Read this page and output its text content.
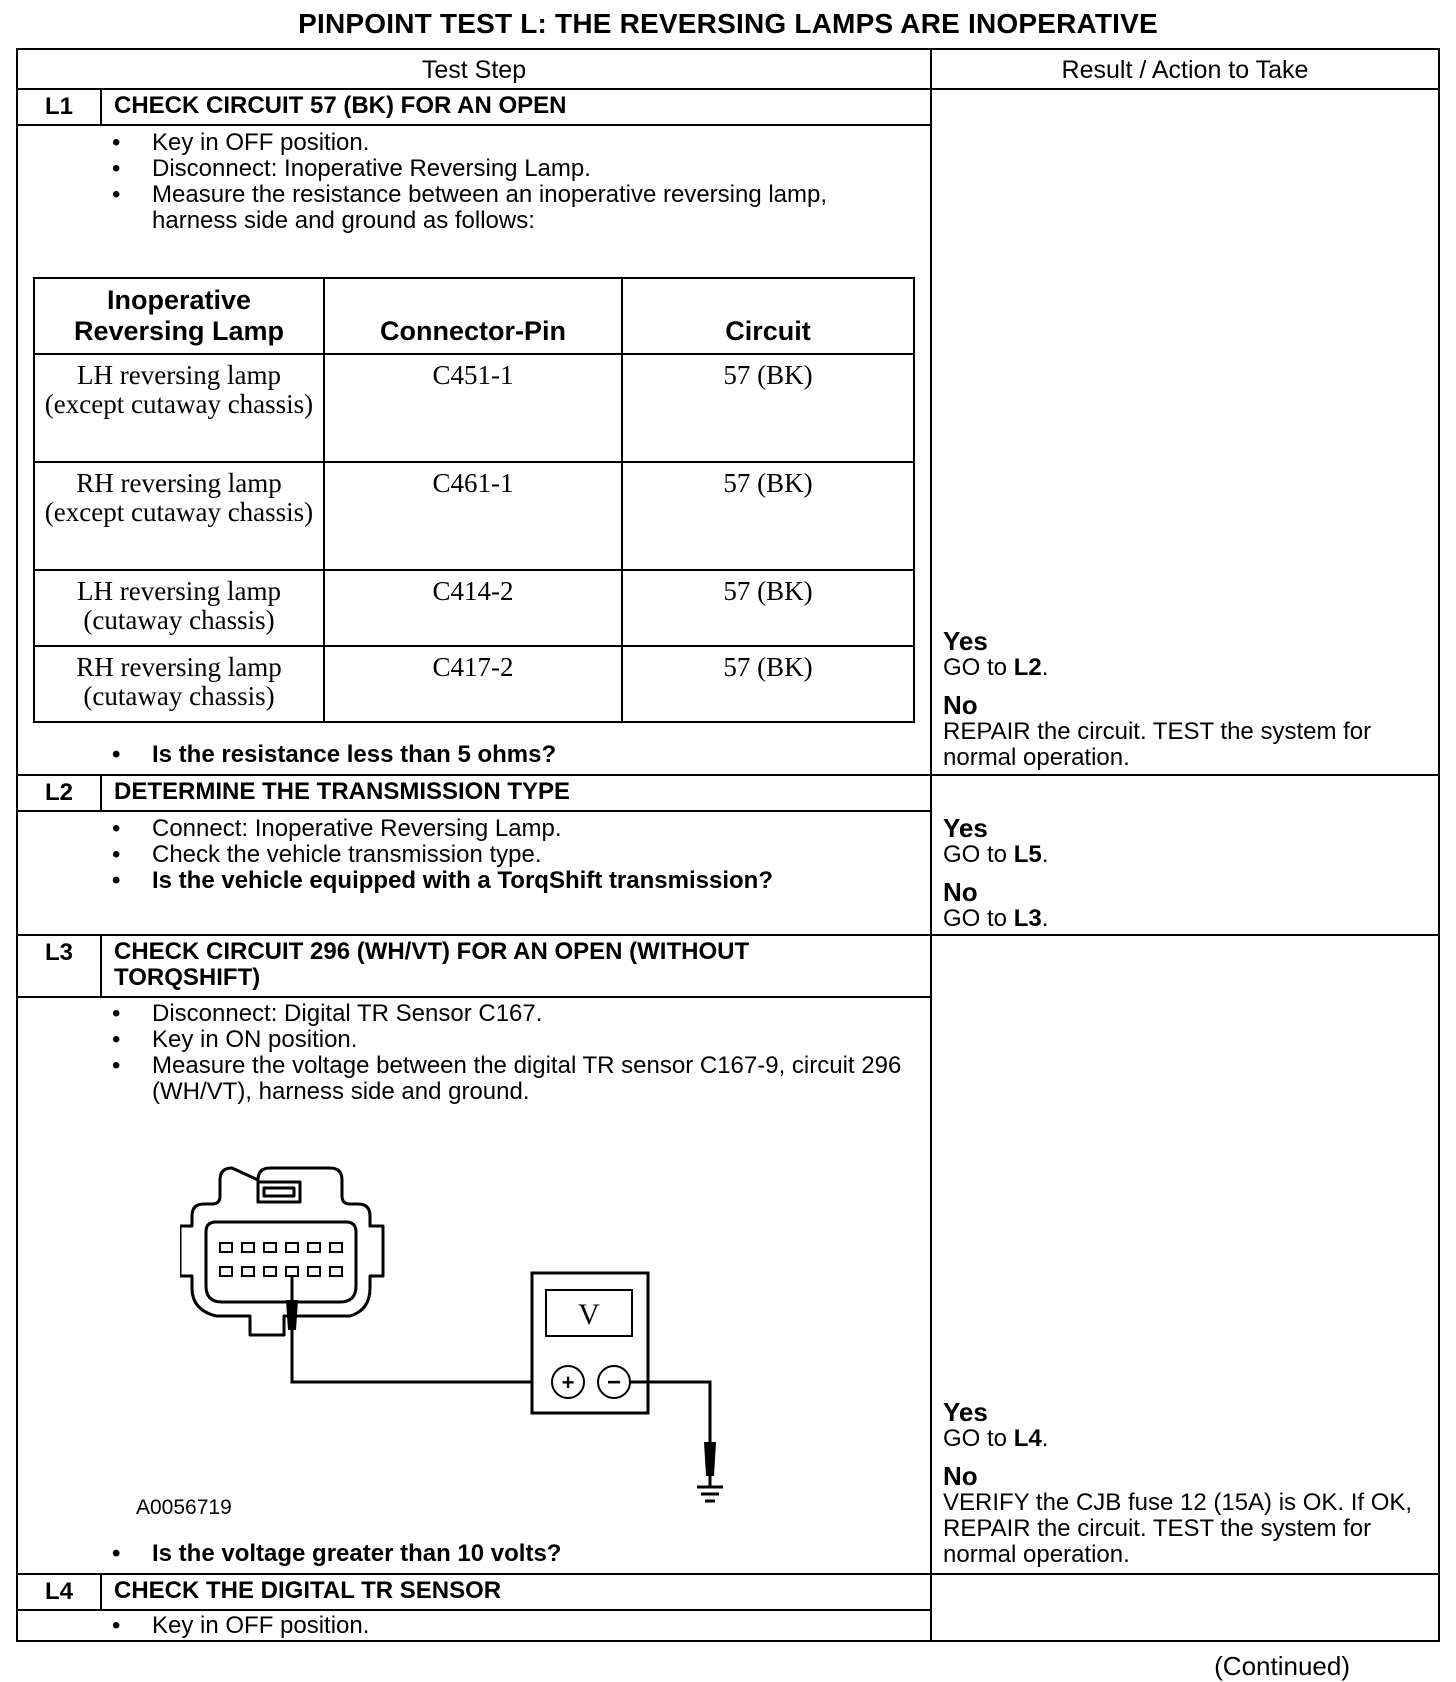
PINPOINT TEST L: THE REVERSING LAMPS ARE INOPERATIVE
Test Step	Result / Action to Take
L1	CHECK CIRCUIT 57 (BK) FOR AN OPEN
• Key in OFF position.
• Disconnect: Inoperative Reversing Lamp.
• Measure the resistance between an inoperative reversing lamp, harness side and ground as follows:
Inoperative Reversing Lamp	Connector-Pin	Circuit
LH reversing lamp (except cutaway chassis)	C451-1	57 (BK)
RH reversing lamp (except cutaway chassis)	C461-1	57 (BK)
LH reversing lamp (cutaway chassis)	C414-2	57 (BK)
RH reversing lamp (cutaway chassis)	C417-2	57 (BK)
• Is the resistance less than 5 ohms?
Yes
GO to L2.
No
REPAIR the circuit. TEST the system for normal operation.
L2	DETERMINE THE TRANSMISSION TYPE
• Connect: Inoperative Reversing Lamp.
• Check the vehicle transmission type.
• Is the vehicle equipped with a TorqShift transmission?
Yes
GO to L5.
No
GO to L3.
L3	CHECK CIRCUIT 296 (WH/VT) FOR AN OPEN (WITHOUT TORQSHIFT)
• Disconnect: Digital TR Sensor C167.
• Key in ON position.
• Measure the voltage between the digital TR sensor C167-9, circuit 296 (WH/VT), harness side and ground.
V
+ −
A0056719
• Is the voltage greater than 10 volts?
Yes
GO to L4.
No
VERIFY the CJB fuse 12 (15A) is OK. If OK, REPAIR the circuit. TEST the system for normal operation.
L4	CHECK THE DIGITAL TR SENSOR
• Key in OFF position.
(Continued)
